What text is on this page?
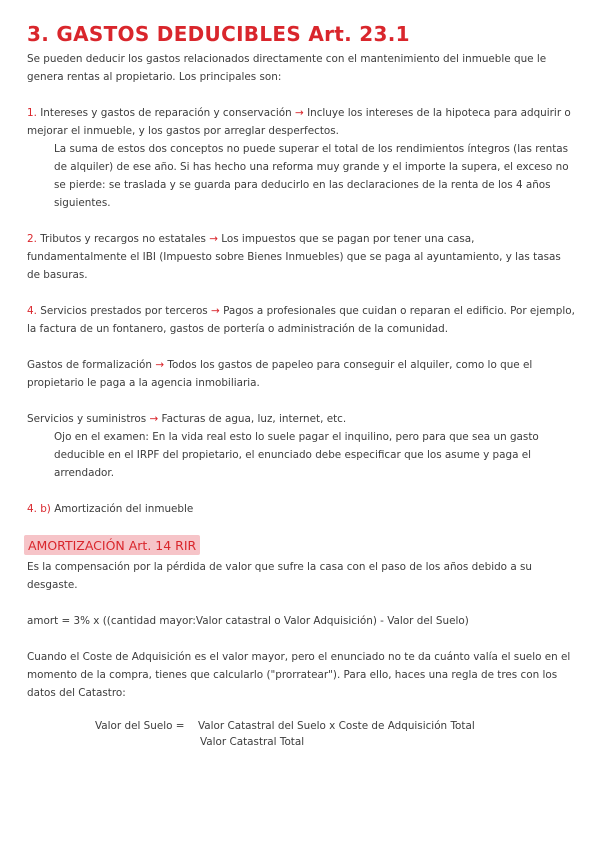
3. GASTOS DEDUCIBLES Art. 23.1
Se pueden deducir los gastos relacionados directamente con el mantenimiento del inmueble que le genera rentas al propietario. Los principales son:
1. Intereses y gastos de reparación y conservación → Incluye los intereses de la hipoteca para adquirir o mejorar el inmueble, y los gastos por arreglar desperfectos.
La suma de estos dos conceptos no puede superar el total de los rendimientos íntegros (las rentas de alquiler) de ese año. Si has hecho una reforma muy grande y el importe la supera, el exceso no se pierde: se traslada y se guarda para deducirlo en las declaraciones de la renta de los 4 años siguientes.
2. Tributos y recargos no estatales → Los impuestos que se pagan por tener una casa, fundamentalmente el IBI (Impuesto sobre Bienes Inmuebles) que se paga al ayuntamiento, y las tasas de basuras.
4. Servicios prestados por terceros → Pagos a profesionales que cuidan o reparan el edificio. Por ejemplo, la factura de un fontanero, gastos de portería o administración de la comunidad.
Gastos de formalización → Todos los gastos de papeleo para conseguir el alquiler, como lo que el propietario le paga a la agencia inmobiliaria.
Servicios y suministros → Facturas de agua, luz, internet, etc.
Ojo en el examen: En la vida real esto lo suele pagar el inquilino, pero para que sea un gasto deducible en el IRPF del propietario, el enunciado debe especificar que los asume y paga el arrendador.
4. b) Amortización del inmueble
AMORTIZACIÓN Art. 14 RIR
Es la compensación por la pérdida de valor que sufre la casa con el paso de los años debido a su desgaste.
amort = 3% x ((cantidad mayor:Valor catastral o Valor Adquisición) - Valor del Suelo)
Cuando el Coste de Adquisición es el valor mayor, pero el enunciado no te da cuánto valía el suelo en el momento de la compra, tienes que calcularlo ("prorratear"). Para ello, haces una regla de tres con los datos del Catastro:
Valor del Suelo = Valor Catastral del Suelo x Coste de Adquisición Total
Valor Catastral Total
